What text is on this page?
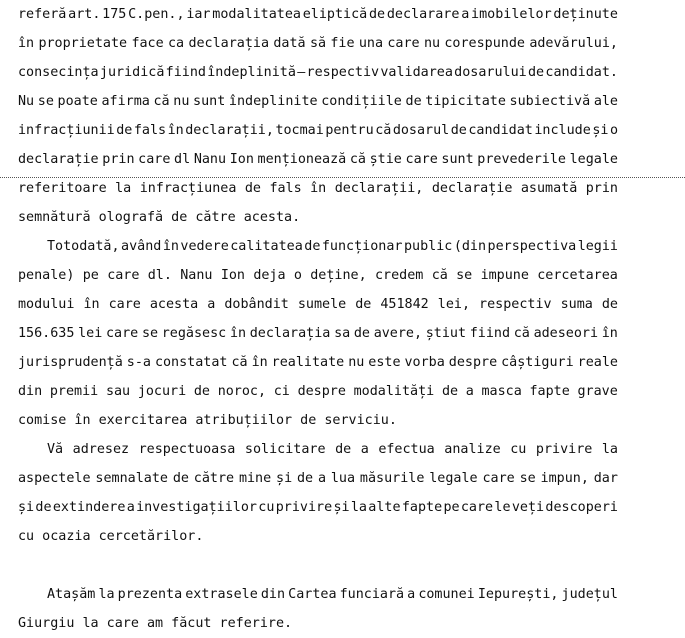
referă art. 175 C.pen., iar modalitatea eliptică de declarare a imobilelor deținute
în proprietate face ca declarația dată să fie una care nu corespunde adevărului,
consecința juridică fiind îndeplinită – respectiv validarea dosarului de candidat.
Nu se poate afirma că nu sunt îndeplinite condițiile de tipicitate subiectivă ale
infracțiunii de fals în declarații, tocmai pentru că dosarul de candidat include și o
declarație prin care dl Nanu Ion menționează că știe care sunt prevederile legale
referitoare la infracțiunea de fals în declarații, declarație asumată prin
semnătură olografă de către acesta.
Totodată, având în vedere calitatea de funcționar public (din perspectiva legii
penale) pe care dl. Nanu Ion deja o deține, credem că se impune cercetarea
modului în care acesta a dobândit sumele de 451842 lei, respectiv suma de
156.635 lei care se regăsesc în declarația sa de avere, știut fiind că adeseori în
jurisprudență s-a constatat că în realitate nu este vorba despre câștiguri reale
din premii sau jocuri de noroc, ci despre modalități de a masca fapte grave
comise în exercitarea atribuțiilor de serviciu.
Vă adresez respectuoasa solicitare de a efectua analize cu privire la
aspectele semnalate de către mine și de a lua măsurile legale care se impun, dar
și de extindere a investigațiilor cu privire și la alte fapte pe care le veți descoperi
cu ocazia cercetărilor.
Atașăm la prezenta extrasele din Cartea funciară a comunei Iepurești, județul
Giurgiu la care am făcut referire.
